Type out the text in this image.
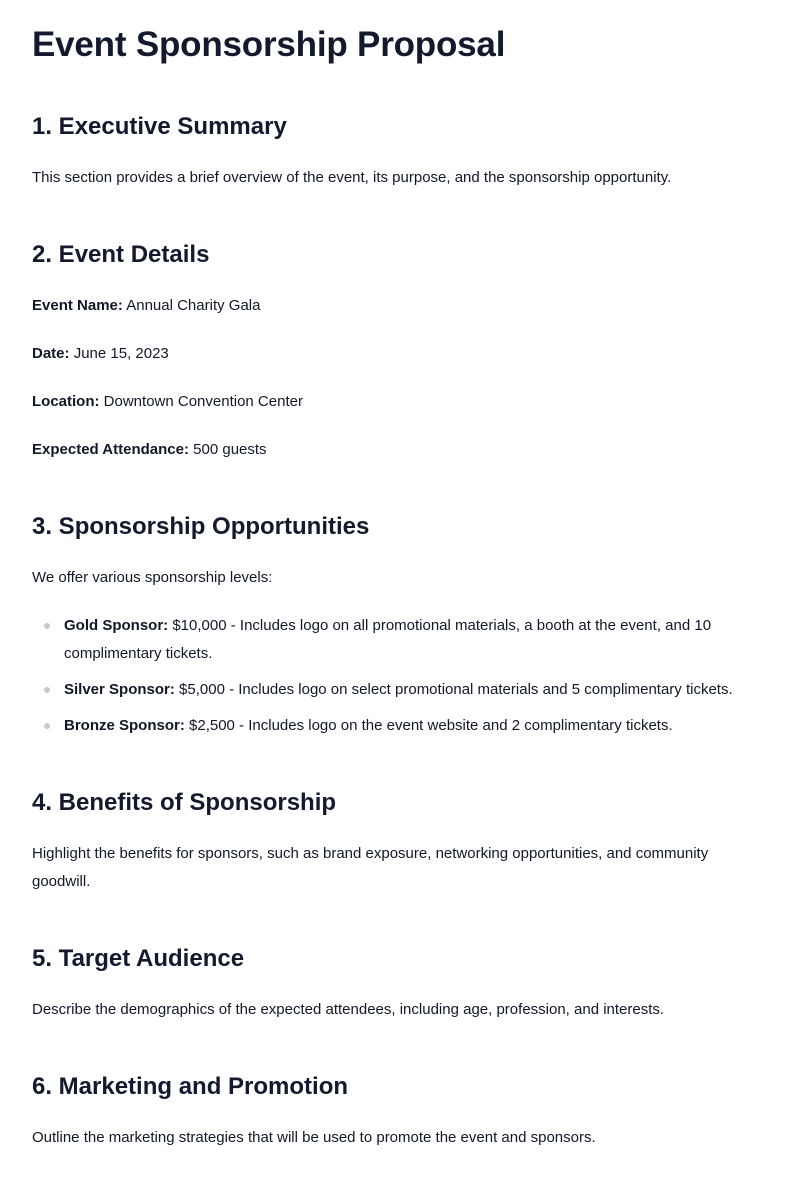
Event Sponsorship Proposal
1. Executive Summary

This section provides a brief overview of the event, its purpose, and the sponsorship opportunity.

2. Event Details

Event Name: Annual Charity Gala

Date: June 15, 2023

Location: Downtown Convention Center

Expected Attendance: 500 guests

3. Sponsorship Opportunities

We offer various sponsorship levels:

Gold Sponsor: $10,000 - Includes logo on all promotional materials, a booth at the event, and 10 complimentary tickets.
Silver Sponsor: $5,000 - Includes logo on select promotional materials and 5 complimentary tickets.
Bronze Sponsor: $2,500 - Includes logo on the event website and 2 complimentary tickets.
4. Benefits of Sponsorship

Highlight the benefits for sponsors, such as brand exposure, networking opportunities, and community goodwill.

5. Target Audience

Describe the demographics of the expected attendees, including age, profession, and interests.

6. Marketing and Promotion

Outline the marketing strategies that will be used to promote the event and sponsors.
